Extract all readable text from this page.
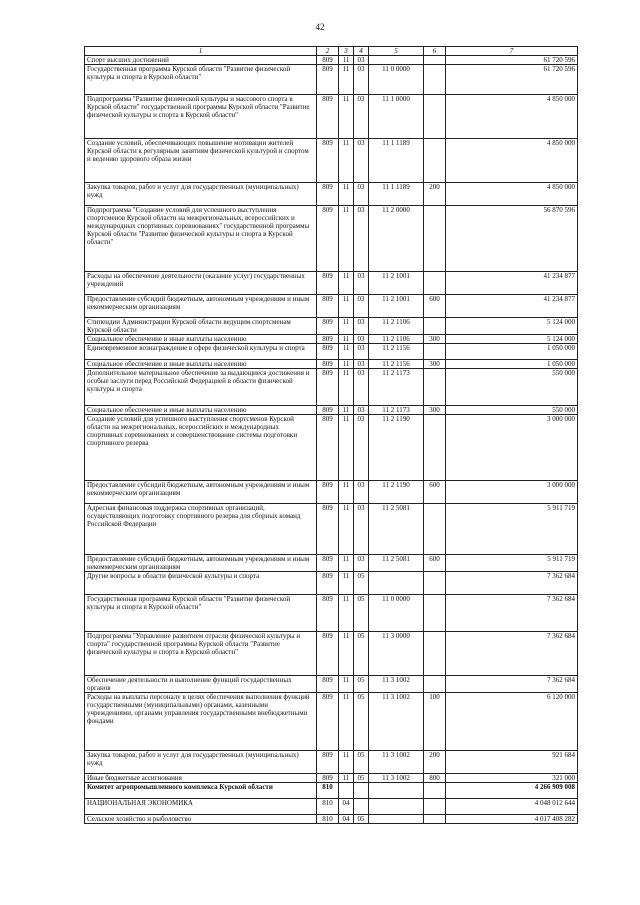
42
1	2	3	4	5	6	7
Спорт высших достижений	809	11	03			61 720 596
Государственная программа Курской области "Развитие физической культуры и спорта в Курской области"	809	11	03	11 0 0000		61 720 596
Подпрограмма "Развитие физической культуры и массового спорта в Курской области" государственной программы Курской области "Развитие физической культуры и спорта в Курской области"	809	11	03	11 1 0000		4 850 000
Создание условий, обеспечивающих повышение мотивации жителей Курской области к регулярным занятиям физической культурой и спортом и ведению здорового образа жизни	809	11	03	11 1 1189		4 850 000
Закупка товаров, работ и услуг для государственных (муниципальных) нужд	809	11	03	11 1 1189	200	4 850 000
Подпрограмма "Создание условий для успешного выступления спортсменов Курской области на межрегиональных, всероссийских и международных спортивных соревнованиях" государственной программы Курской области "Развитие физической культуры и спорта в Курской области"	809	11	03	11 2 0000		56 870 596
Расходы на обеспечение деятельности (оказание услуг) государственных учреждений	809	11	03	11 2 1001		41 234 877
Предоставление субсидий бюджетным, автономным учреждениям и иным некоммерческим организациям	809	11	03	11 2 1001	600	41 234 877
Стипендии Администрации Курской области ведущим спортсменам Курской области	809	11	03	11 2 1106		5 124 000
Социальное обеспечение и иные выплаты населению	809	11	03	11 2 1106	300	5 124 000
Единовременное вознаграждение в сфере физической культуры и спорта	809	11	03	11 2 1156		1 050 000
Социальное обеспечение и иные выплаты населению	809	11	03	11 2 1156	300	1 050 000
Дополнительное материальное обеспечение за выдающиеся достижения и особые заслуги перед Российской Федерацией в области физической культуры и спорта	809	11	03	11 2 1173		550 000
Социальное обеспечение и иные выплаты населению	809	11	03	11 2 1173	300	550 000
Создание условий для успешного выступления спортсменов Курской области на межрегиональных, всероссийских и международных спортивных соревнованиях и совершенствование системы подготовки спортивного резерва	809	11	03	11 2 1190		3 000 000
Предоставление субсидий бюджетным, автономным учреждениям и иным некоммерческим организациям	809	11	03	11 2 1190	600	3 000 000
Адресная финансовая поддержка спортивных организаций, осуществляющих подготовку спортивного резерва для сборных команд Российской Федерации	809	11	03	11 2 5081		5 911 719
Предоставление субсидий бюджетным, автономным учреждениям и иным некоммерческим организациям	809	11	03	11 2 5081	600	5 911 719
Другие вопросы в области физической культуры и спорта	809	11	05			7 362 684
Государственная программа Курской области "Развитие физической культуры и спорта в Курской области"	809	11	05	11 0 0000		7 362 684
Подпрограмма "Управление развитием отрасли физической культуры и спорта" государственной программы Курской области "Развитие физической культуры и спорта в Курской области"	809	11	05	11 3 0000		7 362 684
Обеспечение деятельности и выполнение функций государственных органов	809	11	05	11 3 1002		7 362 684
Расходы на выплаты персоналу в целях обеспечения выполнения функций государственными (муниципальными) органами, казенными учреждениями, органами управления государственными внебюджетными фондами	809	11	05	11 3 1002	100	6 120 000
Закупка товаров, работ и услуг для государственных (муниципальных) нужд	809	11	05	11 3 1002	200	921 684
Иные бюджетные ассигнования	809	11	05	11 3 1002	800	321 000
Комитет агропромышленного комплекса Курской области	810					4 266 909 008
НАЦИОНАЛЬНАЯ ЭКОНОМИКА	810	04				4 048 012 644
Сельское хозяйство и рыболовство	810	04	05			4 017 408 282
